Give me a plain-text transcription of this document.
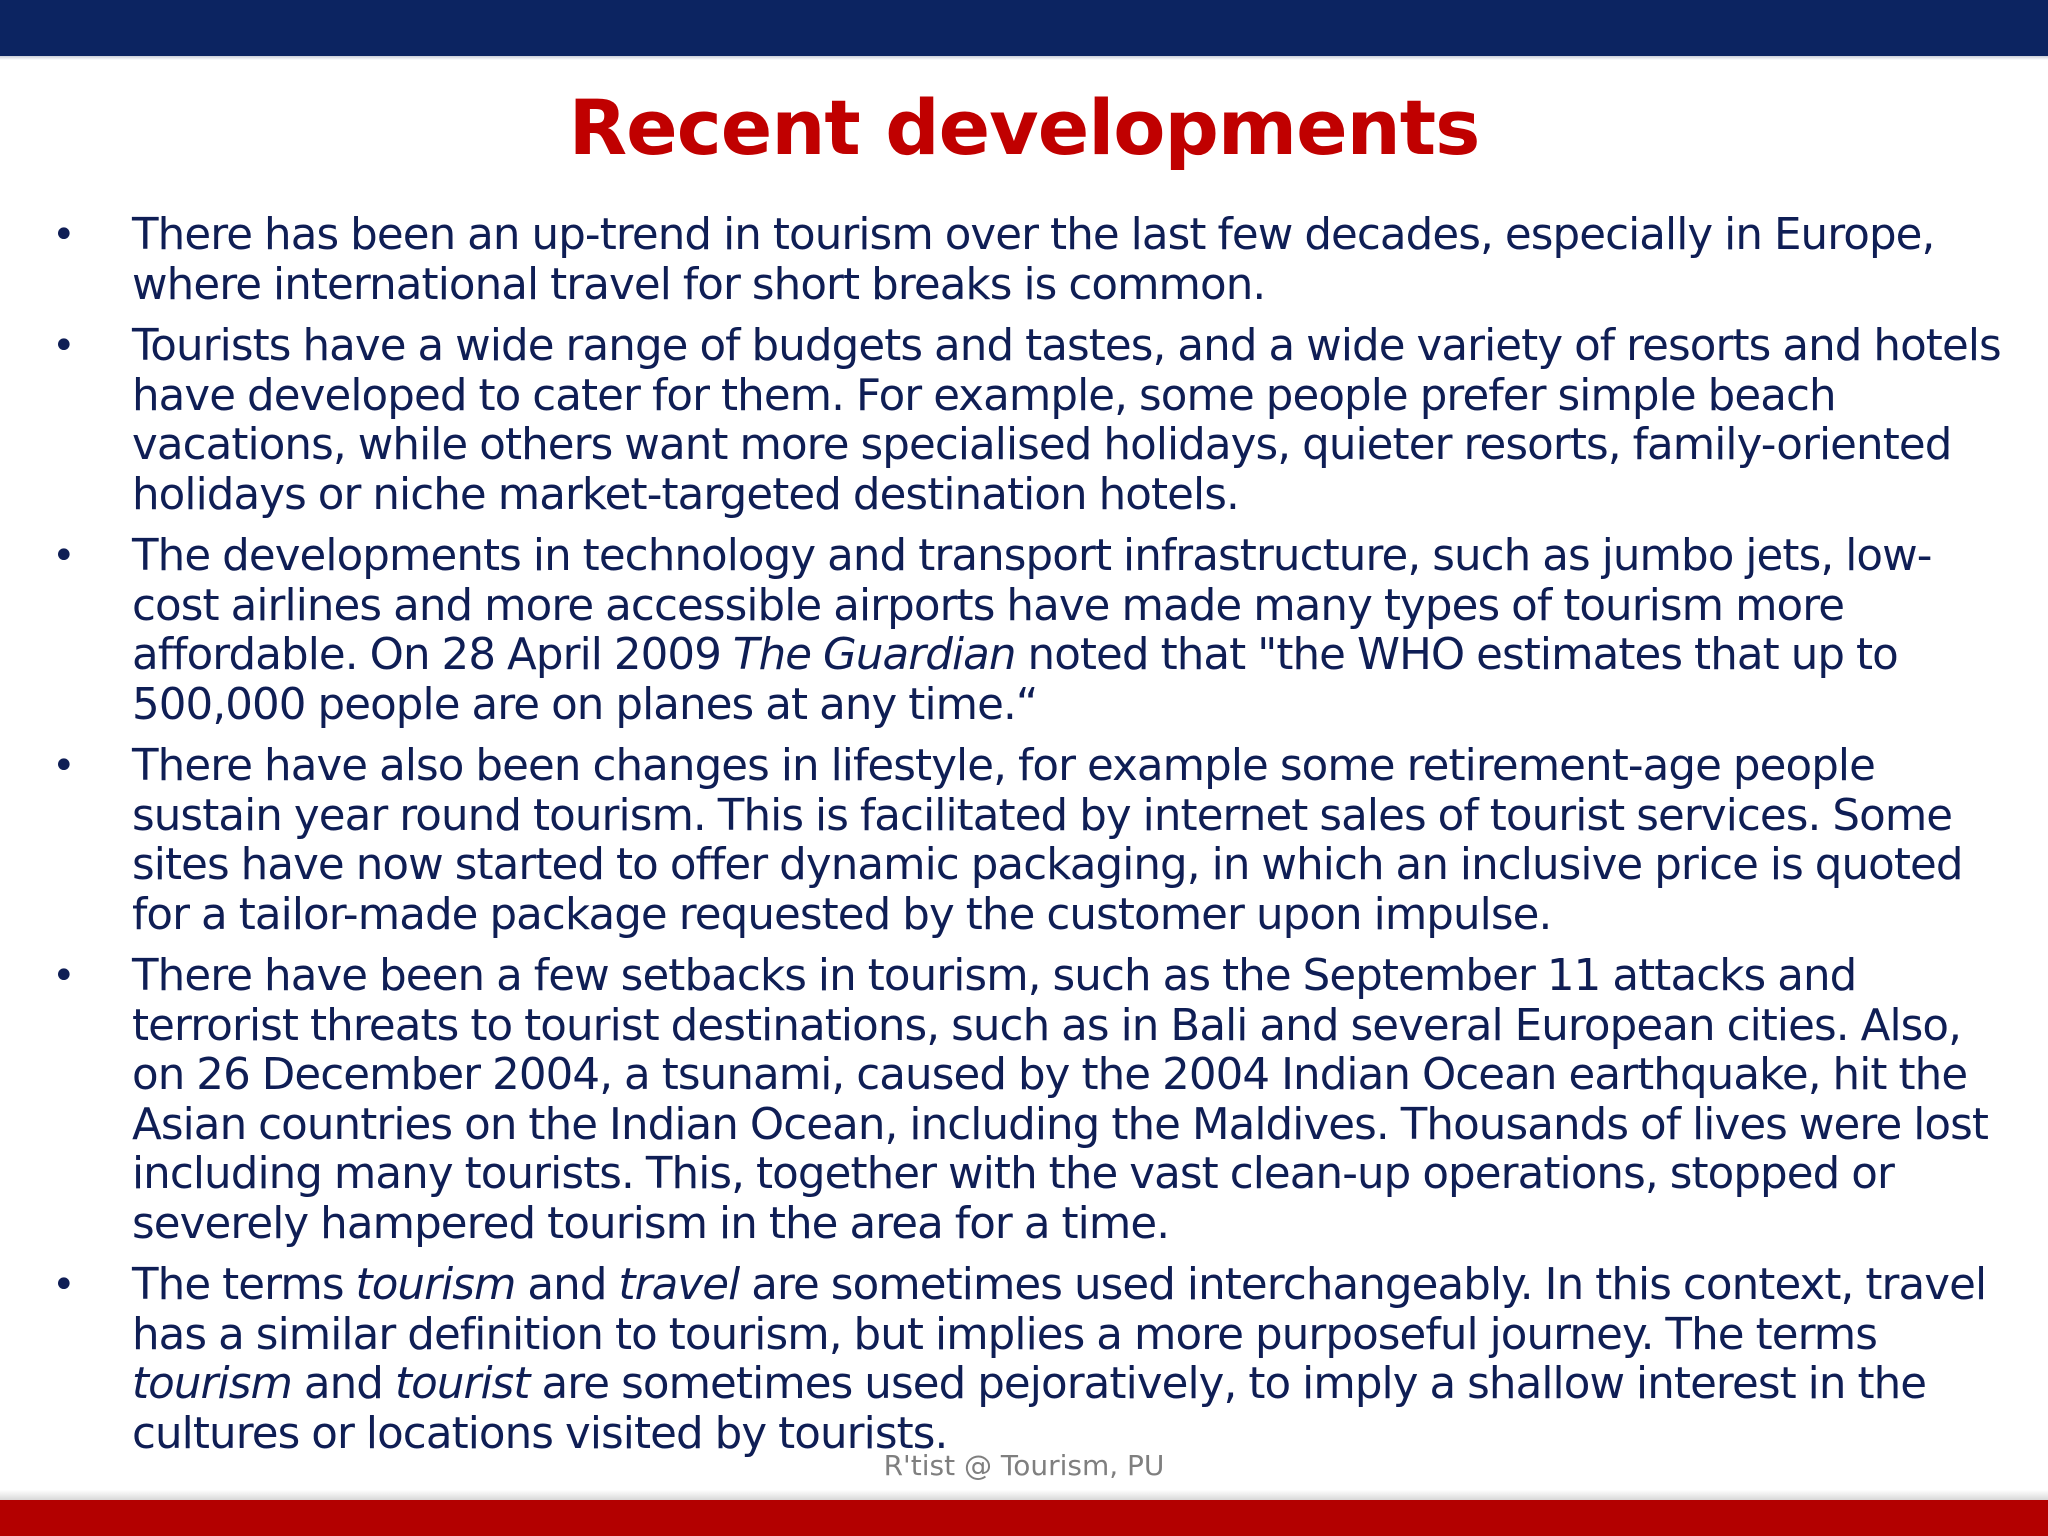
Recent developments
• There has been an up-trend in tourism over the last few decades, especially in Europe,
where international travel for short breaks is common.
• Tourists have a wide range of budgets and tastes, and a wide variety of resorts and hotels
have developed to cater for them. For example, some people prefer simple beach
vacations, while others want more specialised holidays, quieter resorts, family-oriented
holidays or niche market-targeted destination hotels.
• The developments in technology and transport infrastructure, such as jumbo jets, low-
cost airlines and more accessible airports have made many types of tourism more
affordable. On 28 April 2009 The Guardian noted that "the WHO estimates that up to
500,000 people are on planes at any time.“
• There have also been changes in lifestyle, for example some retirement-age people
sustain year round tourism. This is facilitated by internet sales of tourist services. Some
sites have now started to offer dynamic packaging, in which an inclusive price is quoted
for a tailor-made package requested by the customer upon impulse.
• There have been a few setbacks in tourism, such as the September 11 attacks and
terrorist threats to tourist destinations, such as in Bali and several European cities. Also,
on 26 December 2004, a tsunami, caused by the 2004 Indian Ocean earthquake, hit the
Asian countries on the Indian Ocean, including the Maldives. Thousands of lives were lost
including many tourists. This, together with the vast clean-up operations, stopped or
severely hampered tourism in the area for a time.
• The terms tourism and travel are sometimes used interchangeably. In this context, travel
has a similar definition to tourism, but implies a more purposeful journey. The terms
tourism and tourist are sometimes used pejoratively, to imply a shallow interest in the
cultures or locations visited by tourists.
R'tist @ Tourism, PU
